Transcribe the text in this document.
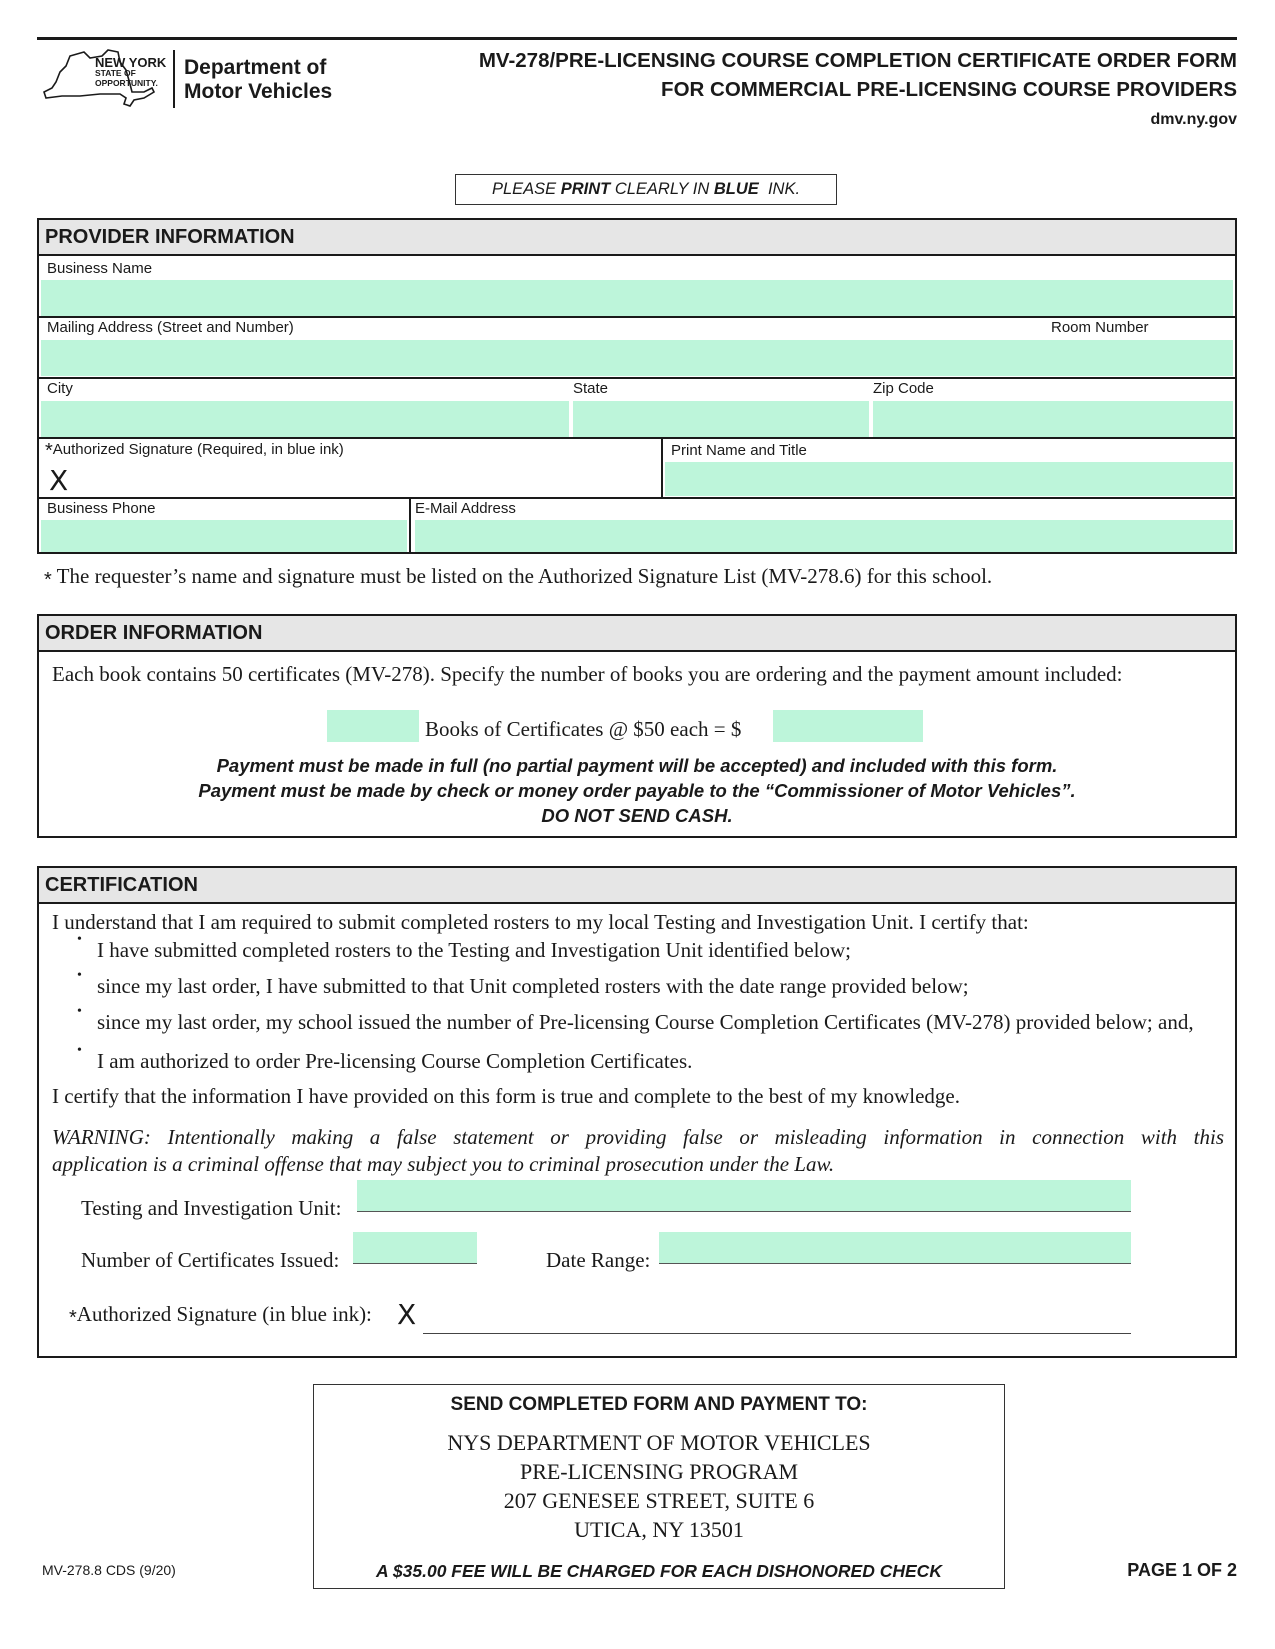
NEW YORK
STATE OF
OPPORTUNITY.
Department of
Motor Vehicles
MV-278/PRE-LICENSING COURSE COMPLETION CERTIFICATE ORDER FORM
FOR COMMERCIAL PRE-LICENSING COURSE PROVIDERS
dmv.ny.gov
PLEASE PRINT CLEARLY IN BLUE  INK.
PROVIDER INFORMATION
Business Name
Mailing Address (Street and Number)	Room Number
City	State	Zip Code
*Authorized Signature (Required, in blue ink)
X
Print Name and Title
Business Phone	E-Mail Address
* The requester’s name and signature must be listed on the Authorized Signature List (MV-278.6) for this school.
ORDER INFORMATION
Each book contains 50 certificates (MV-278). Specify the number of books you are ordering and the payment amount included:
Books of Certificates @ $50 each = $
Payment must be made in full (no partial payment will be accepted) and included with this form.
Payment must be made by check or money order payable to the “Commissioner of Motor Vehicles”.
DO NOT SEND CASH.
CERTIFICATION
I understand that I am required to submit completed rosters to my local Testing and Investigation Unit. I certify that:
• I have submitted completed rosters to the Testing and Investigation Unit identified below;
• since my last order, I have submitted to that Unit completed rosters with the date range provided below;
• since my last order, my school issued the number of Pre-licensing Course Completion Certificates (MV-278) provided below; and,
• I am authorized to order Pre-licensing Course Completion Certificates.
I certify that the information I have provided on this form is true and complete to the best of my knowledge.
WARNING: Intentionally making a false statement or providing false or misleading information in connection with this
application is a criminal offense that may subject you to criminal prosecution under the Law.
Testing and Investigation Unit:
Number of Certificates Issued:	Date Range:
*Authorized Signature (in blue ink): X
SEND COMPLETED FORM AND PAYMENT TO:
NYS DEPARTMENT OF MOTOR VEHICLES
PRE-LICENSING PROGRAM
207 GENESEE STREET, SUITE 6
UTICA, NY 13501
A $35.00 FEE WILL BE CHARGED FOR EACH DISHONORED CHECK
MV-278.8 CDS (9/20)	PAGE 1 OF 2
